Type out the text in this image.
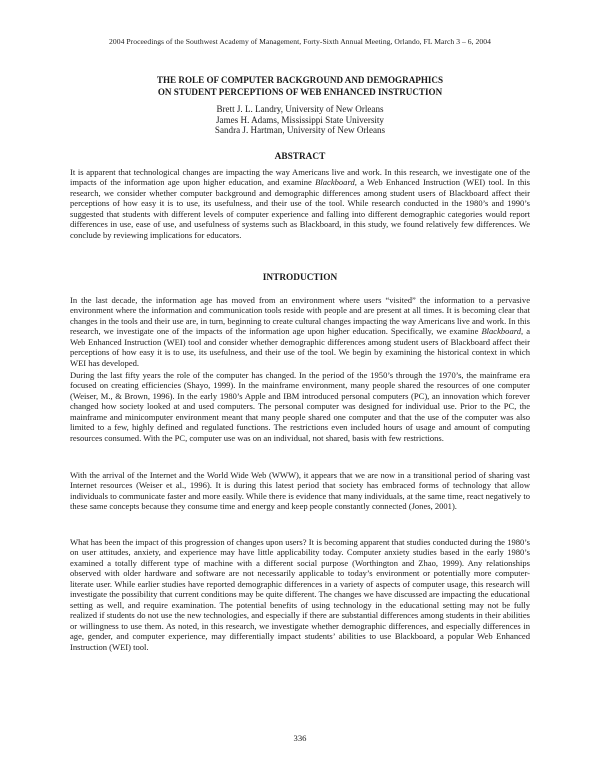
2004 Proceedings of the Southwest Academy of Management, Forty-Sixth Annual Meeting, Orlando, FL March 3 – 6, 2004
THE ROLE OF COMPUTER BACKGROUND AND DEMOGRAPHICS
ON STUDENT PERCEPTIONS OF WEB ENHANCED INSTRUCTION
Brett J. L. Landry, University of New Orleans
James H. Adams, Mississippi State University
Sandra J. Hartman, University of New Orleans
ABSTRACT

It is apparent that technological changes are impacting the way Americans live and work. In this research, we investigate one of the impacts of the information age upon higher education, and examine Blackboard, a Web Enhanced Instruction (WEI) tool. In this research, we consider whether computer background and demographic differences among student users of Blackboard affect their perceptions of how easy it is to use, its usefulness, and their use of the tool. While research conducted in the 1980’s and 1990’s suggested that students with different levels of computer experience and falling into different demographic categories would report differences in use, ease of use, and usefulness of systems such as Blackboard, in this study, we found relatively few differences. We conclude by reviewing implications for educators.

INTRODUCTION

In the last decade, the information age has moved from an environment where users “visited” the information to a pervasive environment where the information and communication tools reside with people and are present at all times. It is becoming clear that changes in the tools and their use are, in turn, beginning to create cultural changes impacting the way Americans live and work. In this research, we investigate one of the impacts of the information age upon higher education. Specifically, we examine Blackboard, a Web Enhanced Instruction (WEI) tool and consider whether demographic differences among student users of Blackboard affect their perceptions of how easy it is to use, its usefulness, and their use of the tool. We begin by examining the historical context in which WEI has developed.

During the last fifty years the role of the computer has changed. In the period of the 1950’s through the 1970’s, the mainframe era focused on creating efficiencies (Shayo, 1999). In the mainframe environment, many people shared the resources of one computer (Weiser, M., & Brown, 1996). In the early 1980’s Apple and IBM introduced personal computers (PC), an innovation which forever changed how society looked at and used computers. The personal computer was designed for individual use. Prior to the PC, the mainframe and minicomputer environment meant that many people shared one computer and that the use of the computer was also limited to a few, highly defined and regulated functions. The restrictions even included hours of usage and amount of computing resources consumed. With the PC, computer use was on an individual, not shared, basis with few restrictions.

With the arrival of the Internet and the World Wide Web (WWW), it appears that we are now in a transitional period of sharing vast Internet resources (Weiser et al., 1996). It is during this latest period that society has embraced forms of technology that allow individuals to communicate faster and more easily. While there is evidence that many individuals, at the same time, react negatively to these same concepts because they consume time and energy and keep people constantly connected (Jones, 2001).

What has been the impact of this progression of changes upon users? It is becoming apparent that studies conducted during the 1980’s on user attitudes, anxiety, and experience may have little applicability today. Computer anxiety studies based in the early 1980’s examined a totally different type of machine with a different social purpose (Worthington and Zhao, 1999). Any relationships observed with older hardware and software are not necessarily applicable to today’s environment or potentially more computer-literate user. While earlier studies have reported demographic differences in a variety of aspects of computer usage, this research will investigate the possibility that current conditions may be quite different. The changes we have discussed are impacting the educational setting as well, and require examination. The potential benefits of using technology in the educational setting may not be fully realized if students do not use the new technologies, and especially if there are substantial differences among students in their abilities or willingness to use them. As noted, in this research, we investigate whether demographic differences, and especially differences in age, gender, and computer experience, may differentially impact students’ abilities to use Blackboard, a popular Web Enhanced Instruction (WEI) tool.

336
